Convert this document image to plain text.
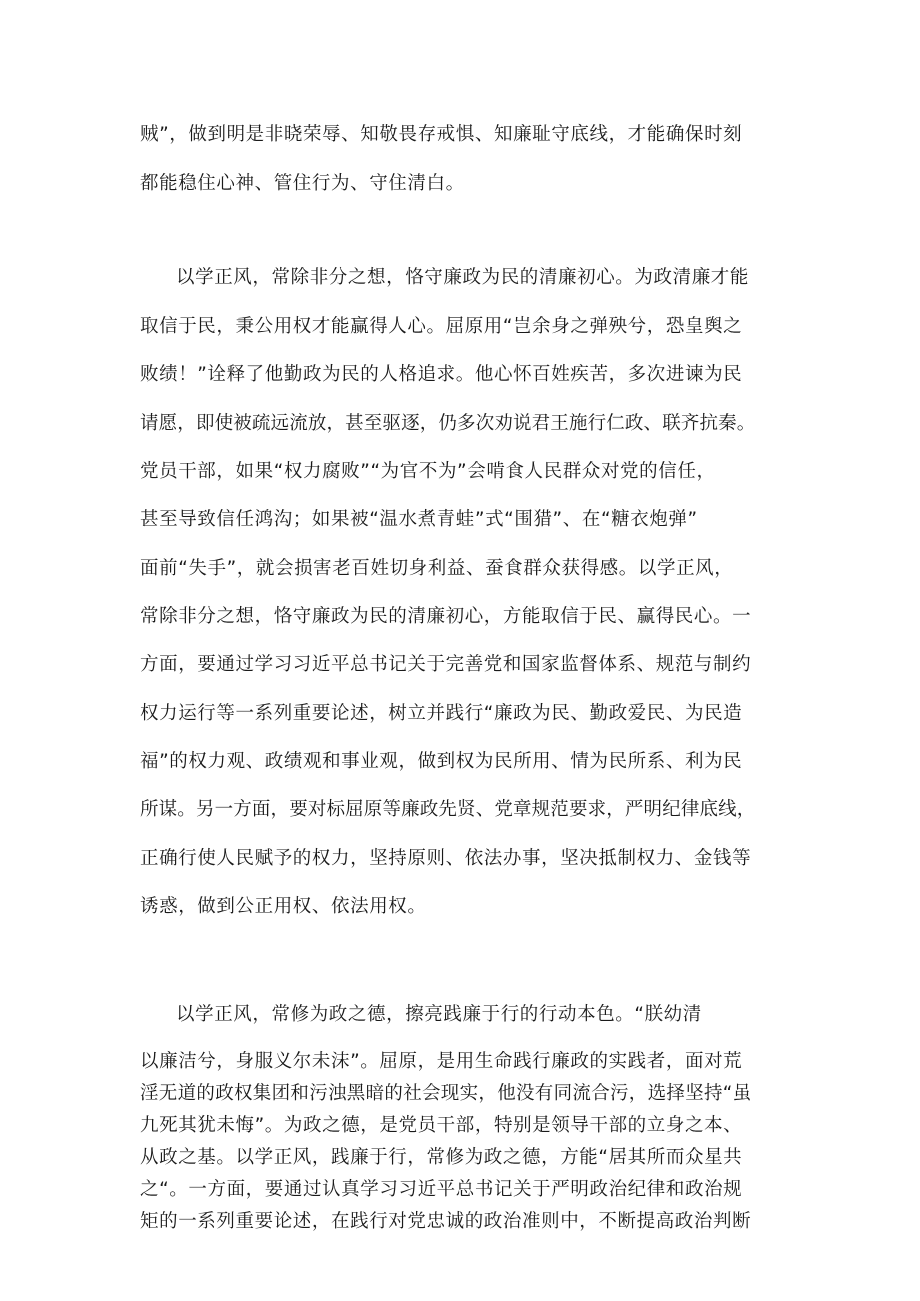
贼”，做到明是非晓荣辱、知敬畏存戒惧、知廉耻守底线，才能确保时刻
都能稳住心神、管住行为、守住清白。
以学正风，常除非分之想，恪守廉政为民的清廉初心。为政清廉才能
取信于民，秉公用权才能赢得人心。屈原用“岂余身之弹殃兮，恐皇舆之
败绩！”诠释了他勤政为民的人格追求。他心怀百姓疾苦，多次进谏为民
请愿，即使被疏远流放，甚至驱逐，仍多次劝说君王施行仁政、联齐抗秦。
党员干部，如果“权力腐败”“为官不为”会啃食人民群众对党的信任，
甚至导致信任鸿沟；如果被“温水煮青蛙”式“围猎”、在“糖衣炮弹”
面前“失手”，就会损害老百姓切身利益、蚕食群众获得感。以学正风，
常除非分之想，恪守廉政为民的清廉初心，方能取信于民、赢得民心。一
方面，要通过学习习近平总书记关于完善党和国家监督体系、规范与制约
权力运行等一系列重要论述，树立并践行“廉政为民、勤政爱民、为民造
福”的权力观、政绩观和事业观，做到权为民所用、情为民所系、利为民
所谋。另一方面，要对标屈原等廉政先贤、党章规范要求，严明纪律底线，
正确行使人民赋予的权力，坚持原则、依法办事，坚决抵制权力、金钱等
诱惑，做到公正用权、依法用权。
以学正风，常修为政之德，擦亮践廉于行的行动本色。“朕幼清
以廉洁兮，身服义尔未沫”。屈原，是用生命践行廉政的实践者，面对荒
淫无道的政权集团和污浊黑暗的社会现实，他没有同流合污，选择坚持“虽
九死其犹未悔”。为政之德，是党员干部，特别是领导干部的立身之本、
从政之基。以学正风，践廉于行，常修为政之德，方能“居其所而众星共
之“。一方面，要通过认真学习习近平总书记关于严明政治纪律和政治规
矩的一系列重要论述，在践行对党忠诚的政治准则中，不断提高政治判断
